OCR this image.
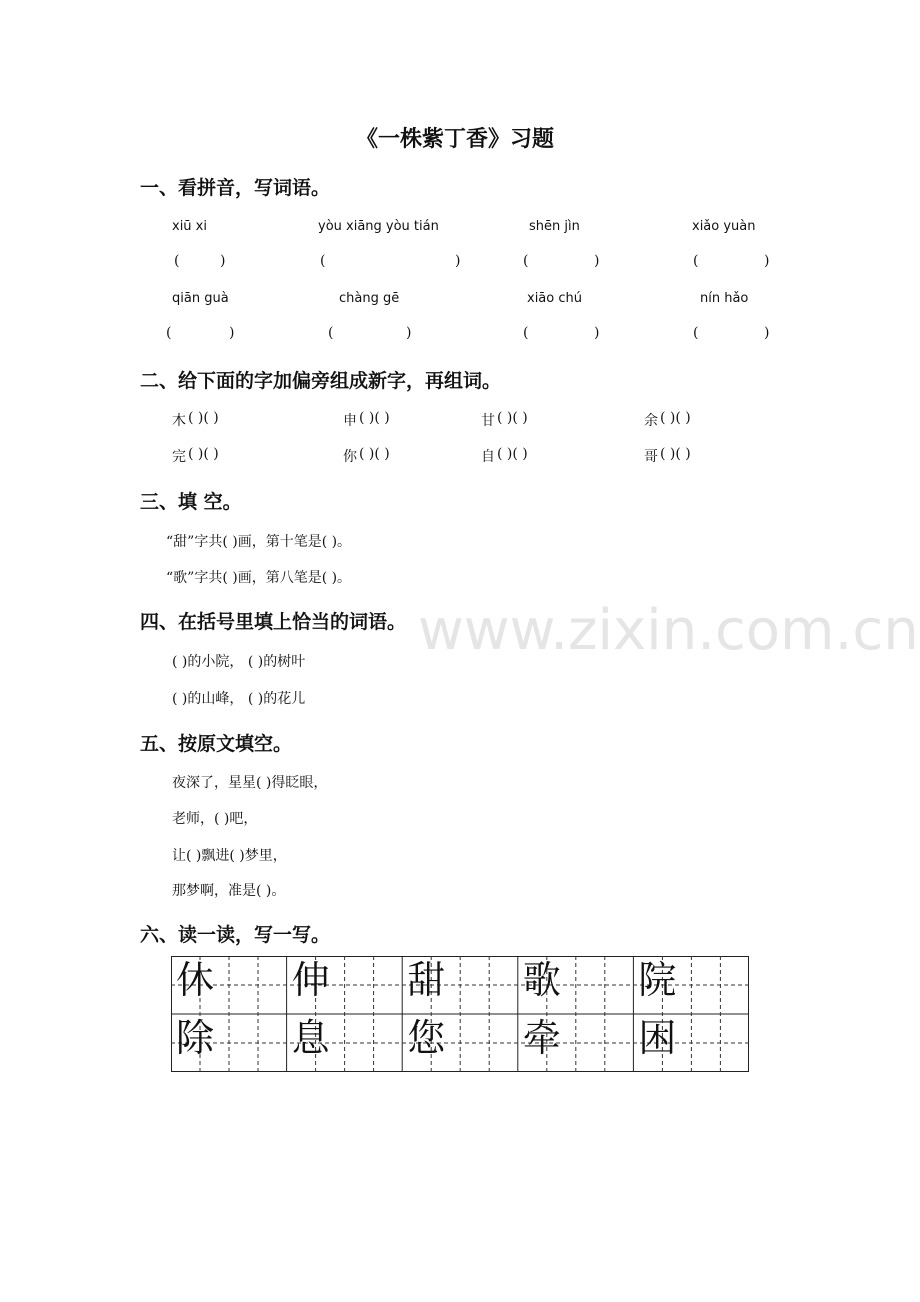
《一株紫丁香》习题
一、看拼音，写词语。
xiū xi	yòu xiāng yòu tián	shēn jìn	xiǎo yuàn
(	)	(	)	(	)	(	)
qiān guà	chàng gē	xiāo chú	nín hǎo
(	)	(	)	(	)	(	)
二、给下面的字加偏旁组成新字，再组词。
木 ( )( )	申 ( )( )	甘 ( )( )	余 ( )( )
完 ( )( )	你 ( )( )	自 ( )( )	哥 ( )( )
三、填 空。
“甜”字共( )画，第十笔是( )。
“歌”字共( )画，第八笔是( )。
四、在括号里填上恰当的词语。
( )的小院， ( )的树叶
( )的山峰， ( )的花儿
五、按原文填空。
夜深了，星星( )得眨眼，
老师，( )吧，
让( )飘进( )梦里，
那梦啊，准是( )。
六、读一读，写一写。
休 伸 甜 歌 院
除 息 您 牵 困
www.zixin.com.cn
